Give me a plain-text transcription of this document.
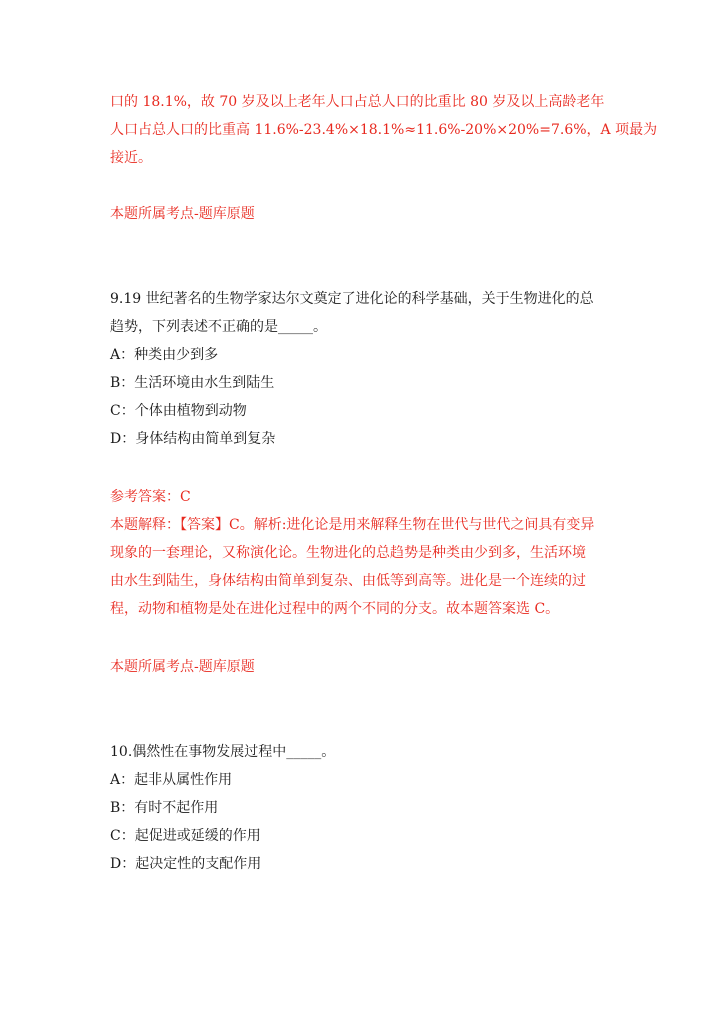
口的 18.1%，故 70 岁及以上老年人口占总人口的比重比 80 岁及以上高龄老年
人口占总人口的比重高 11.6%-23.4%×18.1%≈11.6%-20%×20%=7.6%，A 项最为
接近。
本题所属考点-题库原题
9.19 世纪著名的生物学家达尔文奠定了进化论的科学基础，关于生物进化的总
趋势，下列表述不正确的是_____。
A：种类由少到多
B：生活环境由水生到陆生
C：个体由植物到动物
D：身体结构由简单到复杂
参考答案：C
本题解释：【答案】C。解析:进化论是用来解释生物在世代与世代之间具有变异
现象的一套理论，又称演化论。生物进化的总趋势是种类由少到多，生活环境
由水生到陆生，身体结构由简单到复杂、由低等到高等。进化是一个连续的过
程，动物和植物是处在进化过程中的两个不同的分支。故本题答案选 C。
本题所属考点-题库原题
10.偶然性在事物发展过程中_____。
A：起非从属性作用
B：有时不起作用
C：起促进或延缓的作用
D：起决定性的支配作用
